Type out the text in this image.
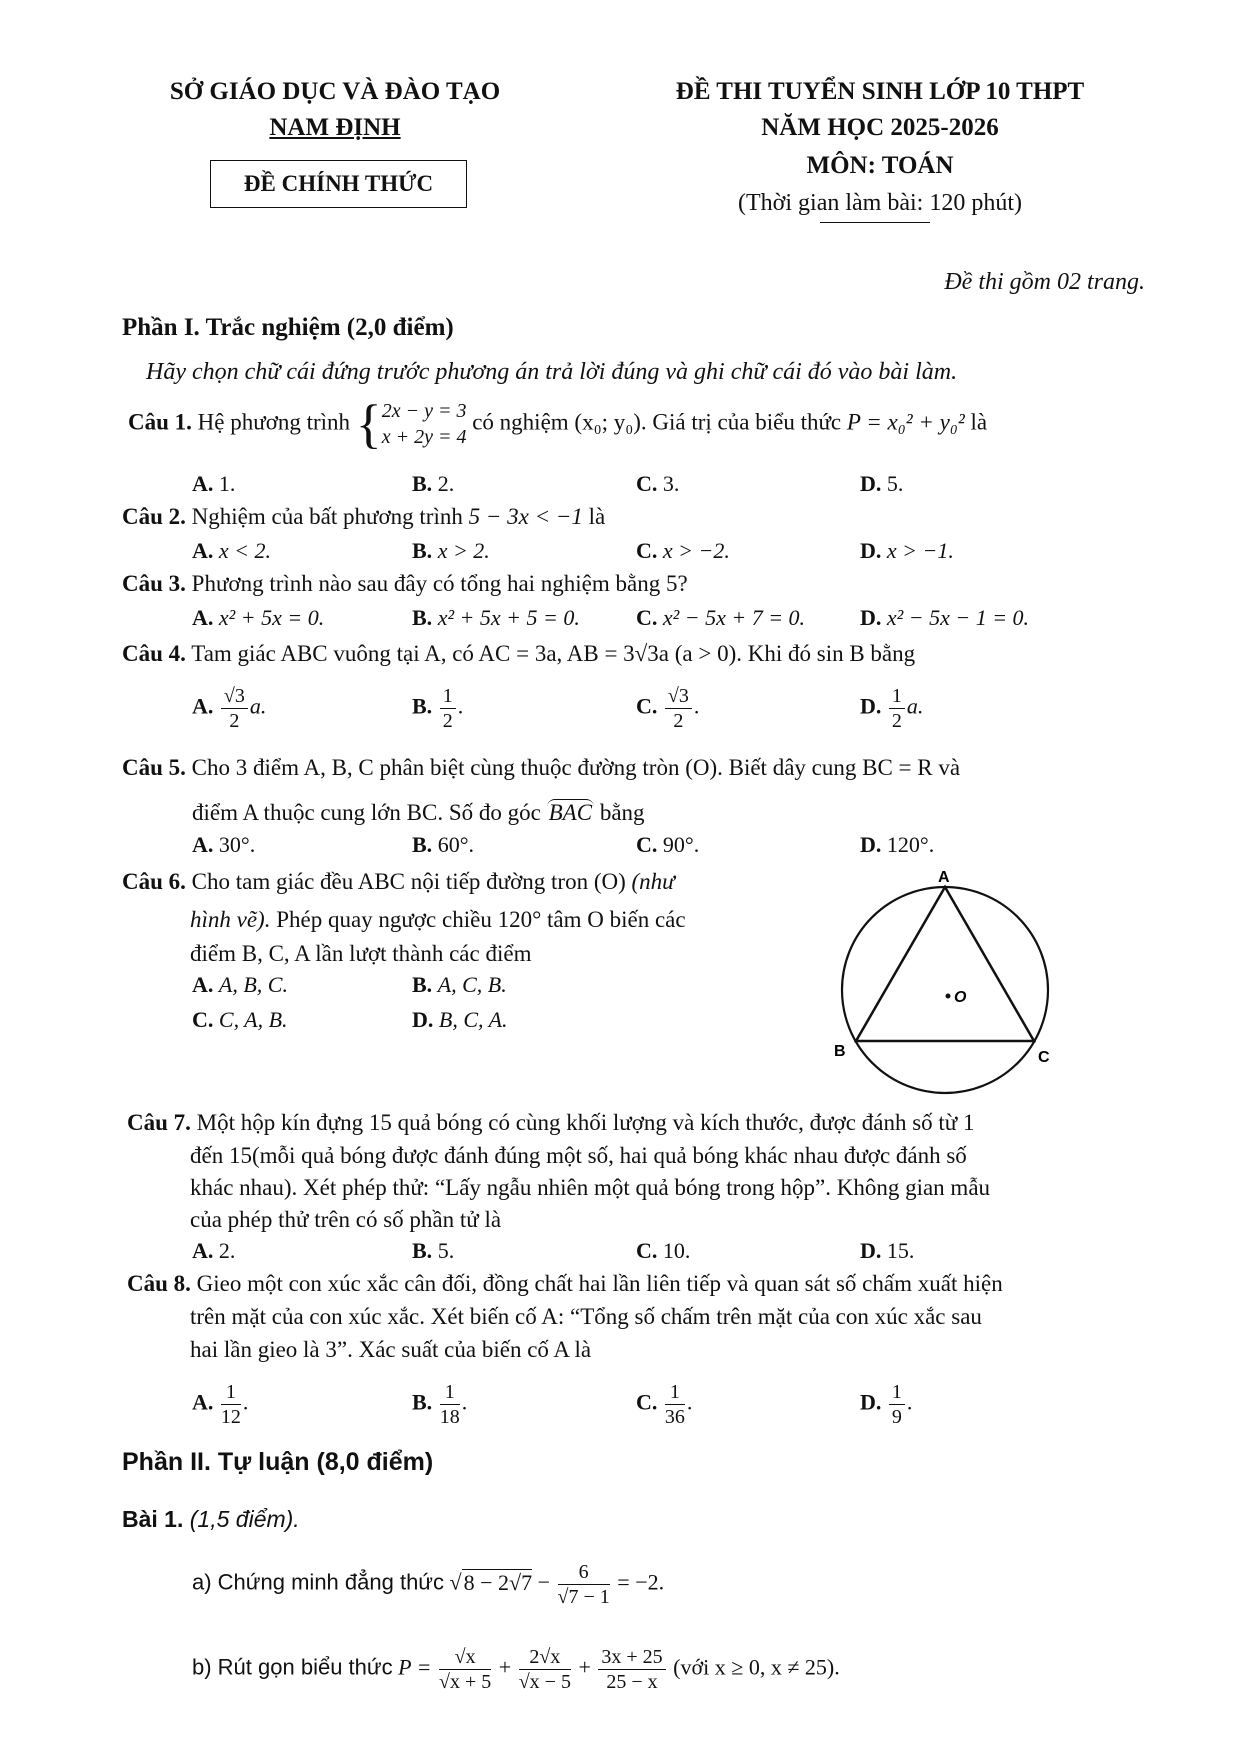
SỞ GIÁO DỤC VÀ ĐÀO TẠO
NAM ĐỊNH
ĐỀ CHÍNH THỨC
ĐỀ THI TUYỂN SINH LỚP 10 THPT
NĂM HỌC 2025-2026
MÔN: TOÁN
(Thời gian làm bài: 120 phút)
Đề thi gồm 02 trang.
Phần I. Trắc nghiệm (2,0 điểm)
Hãy chọn chữ cái đứng trước phương án trả lời đúng và ghi chữ cái đó vào bài làm.
Câu 1. Hệ phương trình { 2x − y = 3
x + 2y = 4
có nghiệm (x₀; y₀). Giá trị của biểu thức P = x₀² + y₀² là
A. 1.	B. 2.	C. 3.	D. 5.
Câu 2. Nghiệm của bất phương trình 5 − 3x < −1 là
A. x < 2.	B. x > 2.	C. x > −2.	D. x > −1.
Câu 3. Phương trình nào sau đây có tổng hai nghiệm bằng 5?
A. x² + 5x = 0.	B. x² + 5x + 5 = 0.	C. x² − 5x + 7 = 0. D. x² − 5x − 1 = 0.
Câu 4. Tam giác ABC vuông tại A, có AC = 3a, AB = 3√3a (a > 0). Khi đó sin B bằng
A. $\frac{√3}{2} a$.	B. $\frac{1}{2}$ .	C. $\frac{√3}{2}$ .	D. $\frac{1}{2} a$.
Câu 5. Cho 3 điểm A, B, C phân biệt cùng thuộc đường tròn (O). Biết dây cung BC = R và
điểm A thuộc cung lớn BC. Số đo góc BAC bằng
A. 30°.	B. 60°.	C. 90°.	D. 120°.
Câu 6. Cho tam giác đều ABC nội tiếp đường tron (O) (như
hình vẽ). Phép quay ngược chiều 120° tâm O biến các
điểm B, C, A lần lượt thành các điểm
A. A, B, C.	B. A, C, B.
C. C, A, B.	D. B, C, A.
A
B	C
O
Câu 7. Một hộp kín đựng 15 quả bóng có cùng khối lượng và kích thước, được đánh số từ 1
đến 15(mỗi quả bóng được đánh đúng một số, hai quả bóng khác nhau được đánh số
khác nhau). Xét phép thử: “Lấy ngẫu nhiên một quả bóng trong hộp”. Không gian mẫu
của phép thử trên có số phần tử là
A. 2.	B. 5.	C. 10.	D. 15.
Câu 8. Gieo một con xúc xắc cân đối, đồng chất hai lần liên tiếp và quan sát số chấm xuất hiện
trên mặt của con xúc xắc. Xét biến cố A: “Tổng số chấm trên mặt của con xúc xắc sau
hai lần gieo là 3”. Xác suất của biến cố A là
A. $\frac{1}{12}$ .	B. $\frac{1}{18}$ .	C. $\frac{1}{36}$ .	D. $\frac{1}{9}$ .
Phần II. Tự luận (8,0 điểm)
Bài 1. (1,5 điểm).
a) Chứng minh đẳng thức $√8 - 2√7 - \frac{6}{√7 - 1} = -2$.
b) Rút gọn biểu thức $P = \frac{√x}{√x + 5} + \frac{2√x}{√x - 5} + \frac{3x + 25}{25 - x}$ (với x ≥ 0, x ≠ 25).
